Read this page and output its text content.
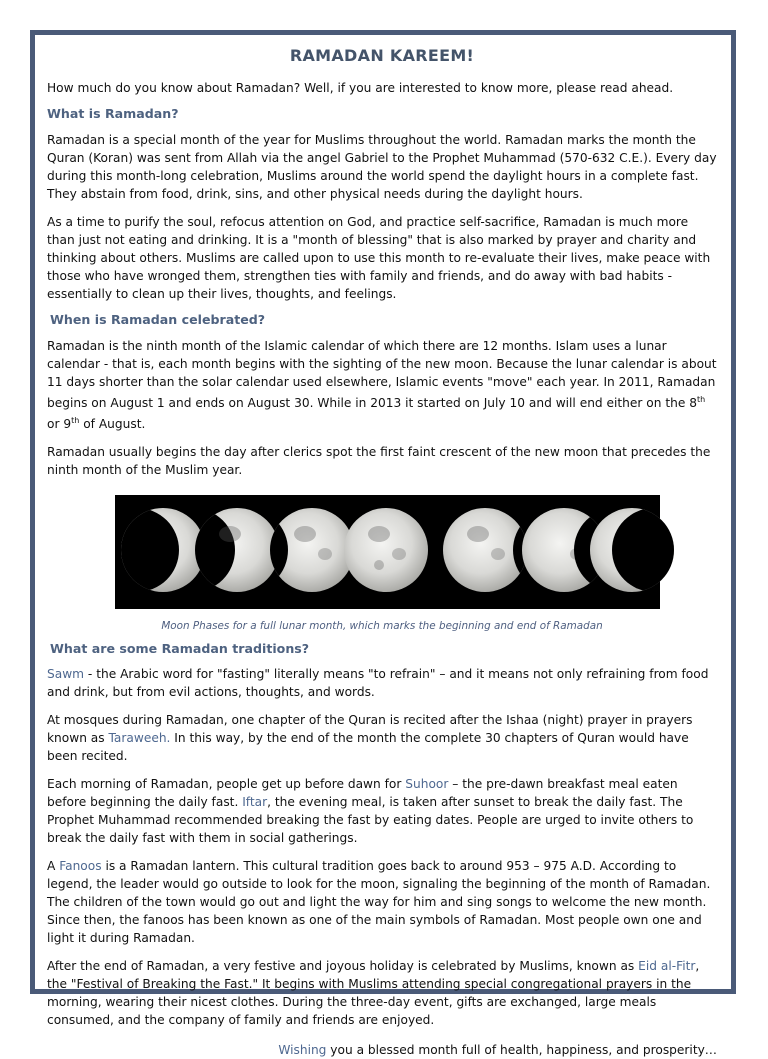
RAMADAN KAREEM!

How much do you know about Ramadan? Well, if you are interested to know more, please read ahead.

What is Ramadan?

Ramadan is a special month of the year for Muslims throughout the world. Ramadan marks the month the Quran (Koran) was sent from Allah via the angel Gabriel to the Prophet Muhammad (570-632 C.E.). Every day during this month-long celebration, Muslims around the world spend the daylight hours in a complete fast. They abstain from food, drink, sins, and other physical needs during the daylight hours.

As a time to purify the soul, refocus attention on God, and practice self-sacrifice, Ramadan is much more than just not eating and drinking. It is a "month of blessing" that is also marked by prayer and charity and thinking about others. Muslims are called upon to use this month to re-evaluate their lives, make peace with those who have wronged them, strengthen ties with family and friends, and do away with bad habits - essentially to clean up their lives, thoughts, and feelings.

When is Ramadan celebrated?

Ramadan is the ninth month of the Islamic calendar of which there are 12 months. Islam uses a lunar calendar - that is, each month begins with the sighting of the new moon. Because the lunar calendar is about 11 days shorter than the solar calendar used elsewhere, Islamic events "move" each year. In 2011, Ramadan begins on August 1 and ends on August 30. While in 2013 it started on July 10 and will end either on the 8th or 9th of August.

Ramadan usually begins the day after clerics spot the first faint crescent of the new moon that precedes the ninth month of the Muslim year.

Moon Phases for a full lunar month, which marks the beginning and end of Ramadan

What are some Ramadan traditions?

Sawm - the Arabic word for "fasting" literally means "to refrain" – and it means not only refraining from food and drink, but from evil actions, thoughts, and words.

At mosques during Ramadan, one chapter of the Quran is recited after the Ishaa (night) prayer in prayers known as Taraweeh. In this way, by the end of the month the complete 30 chapters of Quran would have been recited.

Each morning of Ramadan, people get up before dawn for Suhoor – the pre-dawn breakfast meal eaten before beginning the daily fast. Iftar, the evening meal, is taken after sunset to break the daily fast. The Prophet Muhammad recommended breaking the fast by eating dates. People are urged to invite others to break the daily fast with them in social gatherings.

A Fanoos is a Ramadan lantern. This cultural tradition goes back to around 953 – 975 A.D. According to legend, the leader would go outside to look for the moon, signaling the beginning of the month of Ramadan. The children of the town would go out and light the way for him and sing songs to welcome the new month. Since then, the fanoos has been known as one of the main symbols of Ramadan. Most people own one and light it during Ramadan.

After the end of Ramadan, a very festive and joyous holiday is celebrated by Muslims, known as Eid al-Fitr, the "Festival of Breaking the Fast." It begins with Muslims attending special congregational prayers in the morning, wearing their nicest clothes. During the three-day event, gifts are exchanged, large meals consumed, and the company of family and friends are enjoyed.

Wishing you a blessed month full of health, happiness, and prosperity…
